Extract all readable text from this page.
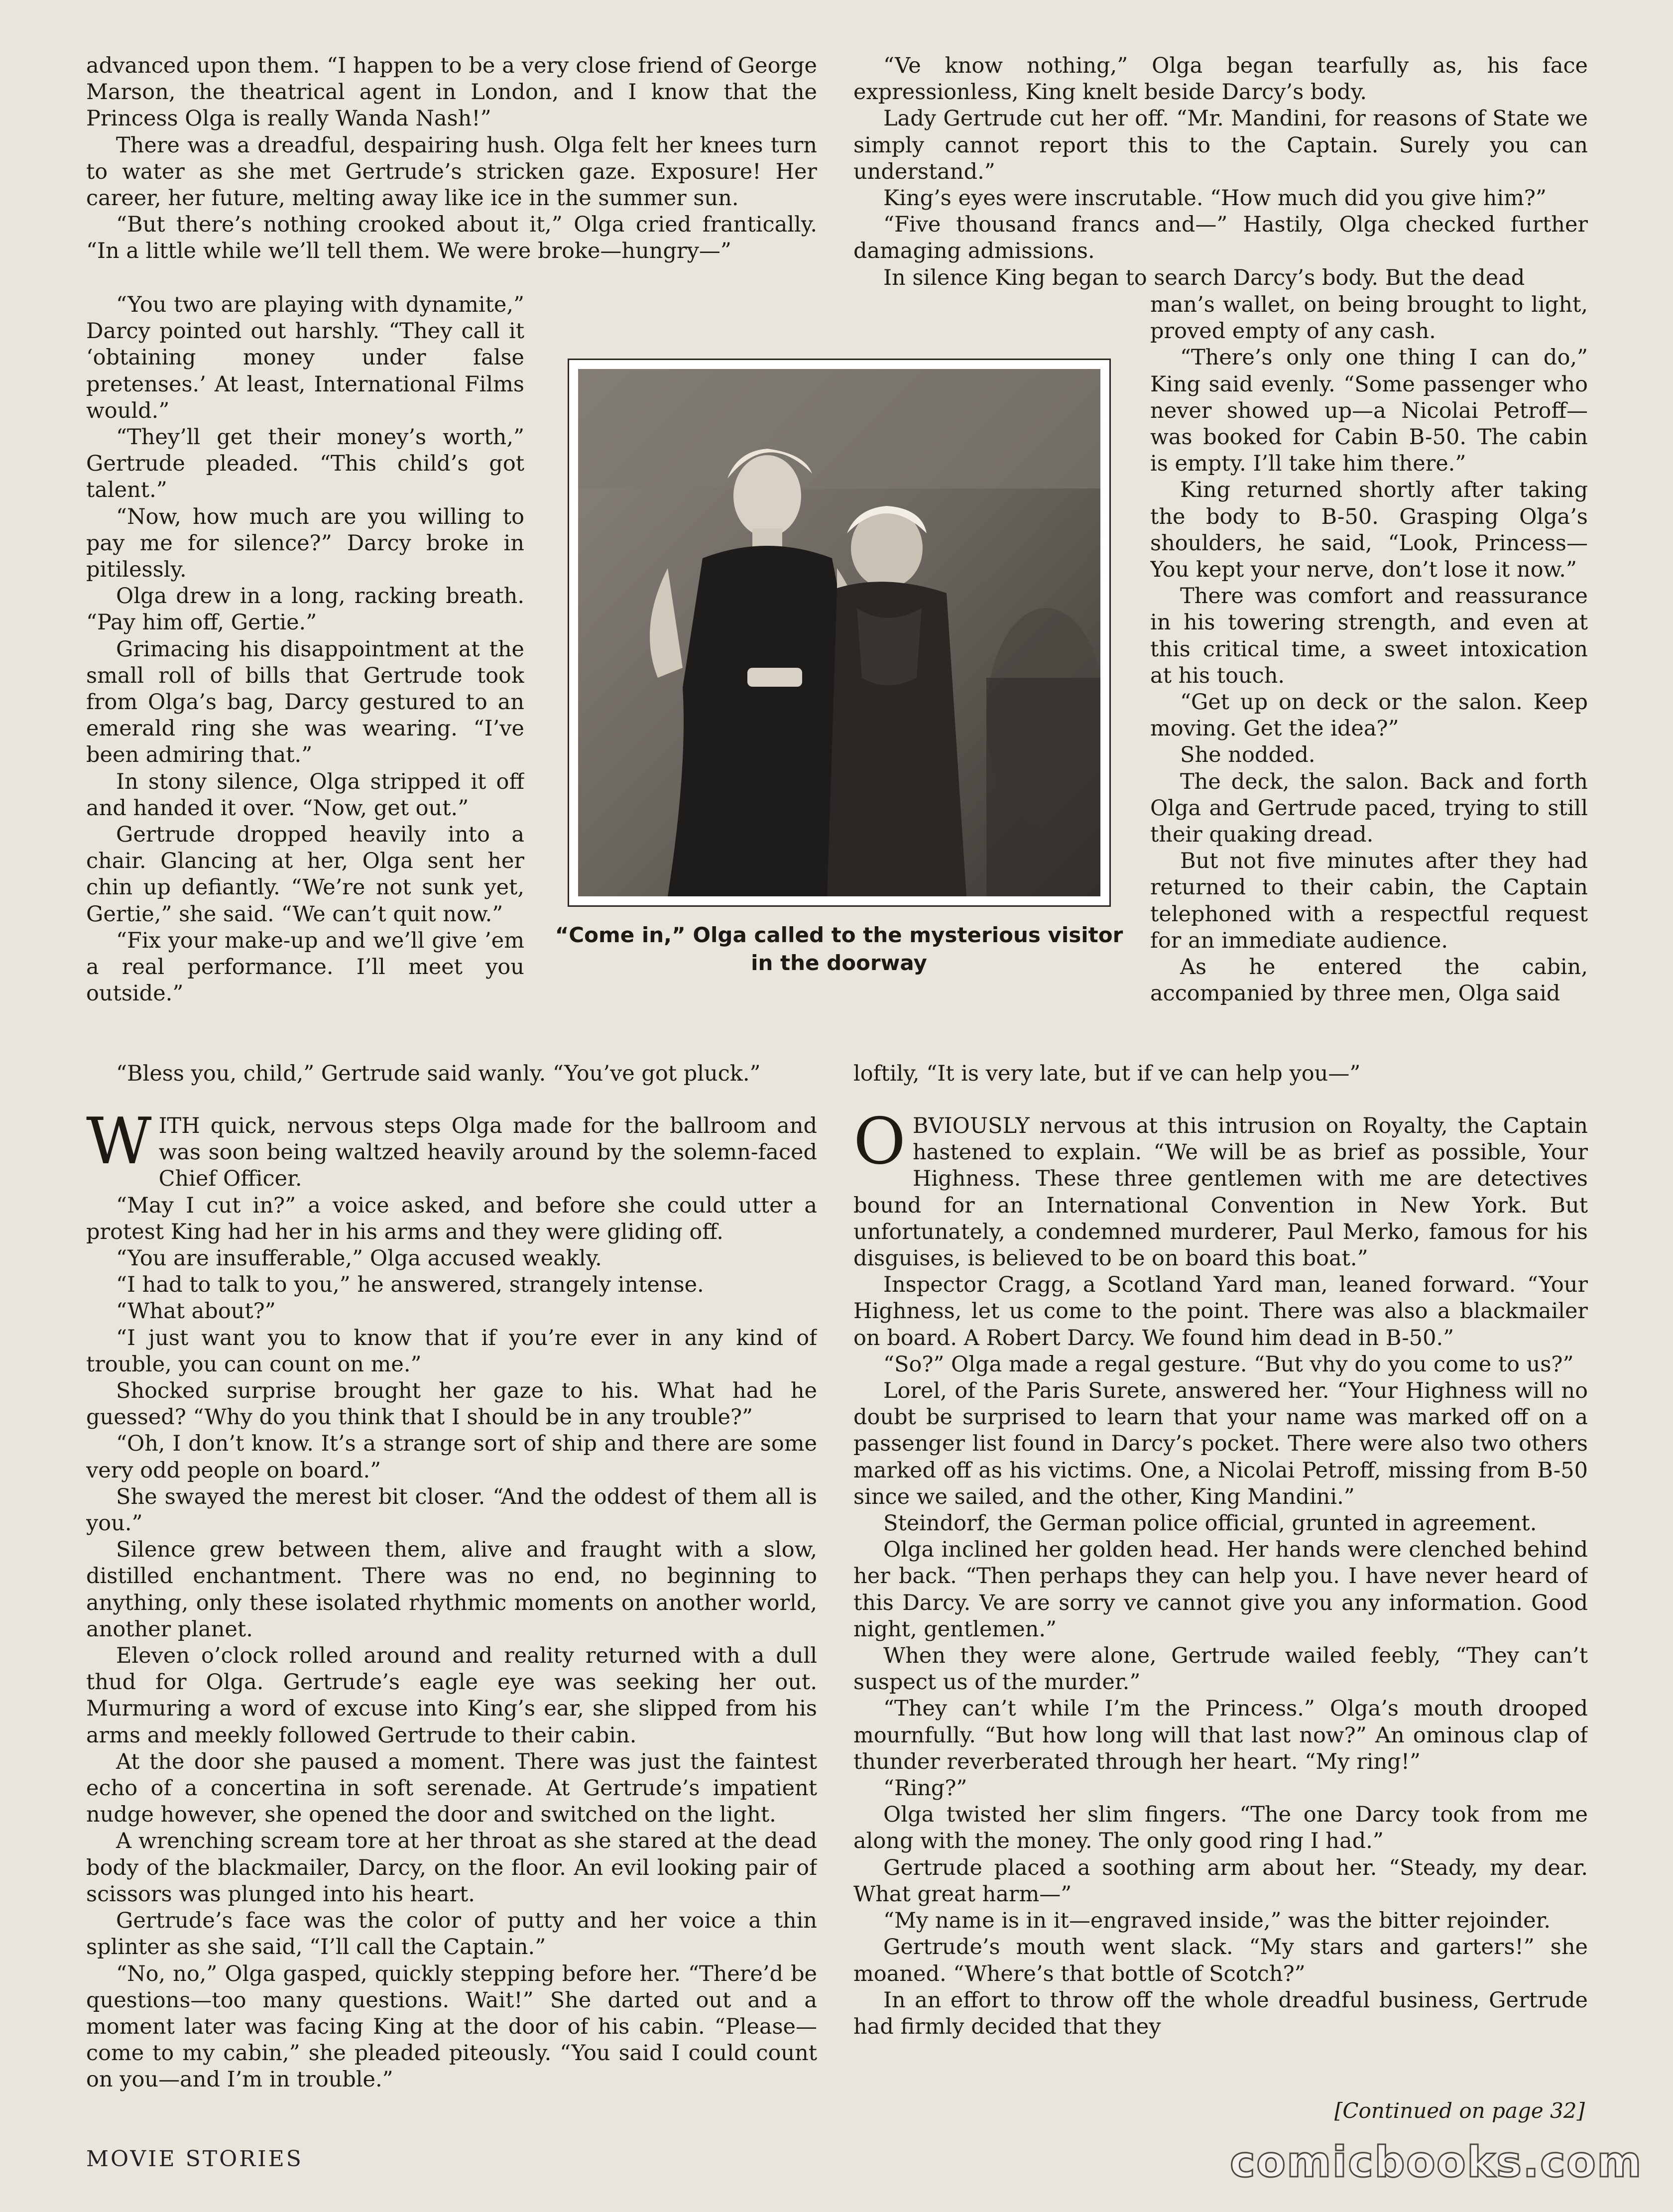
advanced upon them. “I happen to be a very close friend of George Marson, the theatrical agent in London, and I know that the Princess Olga is really Wanda Nash!”

There was a dreadful, despairing hush. Olga felt her knees turn to water as she met Gertrude’s stricken gaze. Exposure! Her career, her future, melting away like ice in the summer sun.

“But there’s nothing crooked about it,” Olga cried frantically. “In a little while we’ll tell them. We were broke—hungry—”

“You two are playing with dynamite,” Darcy pointed out harshly. “They call it ‘obtaining money under false pretenses.’ At least, International Films would.”

“They’ll get their money’s worth,” Gertrude pleaded. “This child’s got talent.”

“Now, how much are you willing to pay me for silence?” Darcy broke in pitilessly.

Olga drew in a long, racking breath. “Pay him off, Gertie.”

Grimacing his disappointment at the small roll of bills that Gertrude took from Olga’s bag, Darcy gestured to an emerald ring she was wearing. “I’ve been admiring that.”

In stony silence, Olga stripped it off and handed it over. “Now, get out.”

Gertrude dropped heavily into a chair. Glancing at her, Olga sent her chin up defiantly. “We’re not sunk yet, Gertie,” she said. “We can’t quit now.”

“Fix your make-up and we’ll give ’em a real performance. I’ll meet you outside.”

“Ve know nothing,” Olga began tearfully as, his face expressionless, King knelt beside Darcy’s body.

Lady Gertrude cut her off. “Mr. Mandini, for reasons of State we simply cannot report this to the Captain. Surely you can understand.”

King’s eyes were inscrutable. “How much did you give him?”

“Five thousand francs and—” Hastily, Olga checked further damaging admissions.

In silence King began to search Darcy’s body. But the dead

man’s wallet, on being brought to light, proved empty of any cash.

“There’s only one thing I can do,” King said evenly. “Some passenger who never showed up—a Nicolai Petroff—was booked for Cabin B-50. The cabin is empty. I’ll take him there.”

King returned shortly after taking the body to B-50. Grasping Olga’s shoulders, he said, “Look, Princess—You kept your nerve, don’t lose it now.”

There was comfort and reassurance in his towering strength, and even at this critical time, a sweet intoxication at his touch.

“Get up on deck or the salon. Keep moving. Get the idea?”

She nodded.

The deck, the salon. Back and forth Olga and Gertrude paced, trying to still their quaking dread.

But not five minutes after they had returned to their cabin, the Captain telephoned with a respectful request for an immediate audience.

As he entered the cabin, accompanied by three men, Olga said

“Bless you, child,” Gertrude said wanly. “You’ve got pluck.”	loftily, “It is very late, but if ve can help you—”

“Come in,” Olga called to the mysterious visitor in the doorway

WITH quick, nervous steps Olga made for the ballroom and was soon being waltzed heavily around by the solemn-faced Chief Officer.

“May I cut in?” a voice asked, and before she could utter a protest King had her in his arms and they were gliding off.

“You are insufferable,” Olga accused weakly.

“I had to talk to you,” he answered, strangely intense.

“What about?”

“I just want you to know that if you’re ever in any kind of trouble, you can count on me.”

Shocked surprise brought her gaze to his. What had he guessed? “Why do you think that I should be in any trouble?”

“Oh, I don’t know. It’s a strange sort of ship and there are some very odd people on board.”

She swayed the merest bit closer. “And the oddest of them all is you.”

Silence grew between them, alive and fraught with a slow, distilled enchantment. There was no end, no beginning to anything, only these isolated rhythmic moments on another world, another planet.

Eleven o’clock rolled around and reality returned with a dull thud for Olga. Gertrude’s eagle eye was seeking her out. Murmuring a word of excuse into King’s ear, she slipped from his arms and meekly followed Gertrude to their cabin.

At the door she paused a moment. There was just the faintest echo of a concertina in soft serenade. At Gertrude’s impatient nudge however, she opened the door and switched on the light.

A wrenching scream tore at her throat as she stared at the dead body of the blackmailer, Darcy, on the floor. An evil looking pair of scissors was plunged into his heart.

Gertrude’s face was the color of putty and her voice a thin splinter as she said, “I’ll call the Captain.”

“No, no,” Olga gasped, quickly stepping before her. “There’d be questions—too many questions. Wait!” She darted out and a moment later was facing King at the door of his cabin. “Please—come to my cabin,” she pleaded piteously. “You said I could count on you—and I’m in trouble.”

OBVIOUSLY nervous at this intrusion on Royalty, the Captain hastened to explain. “We will be as brief as possible, Your Highness. These three gentlemen with me are detectives bound for an International Convention in New York. But unfortunately, a condemned murderer, Paul Merko, famous for his disguises, is believed to be on board this boat.”

Inspector Cragg, a Scotland Yard man, leaned forward. “Your Highness, let us come to the point. There was also a blackmailer on board. A Robert Darcy. We found him dead in B-50.”

“So?” Olga made a regal gesture. “But vhy do you come to us?”

Lorel, of the Paris Surete, answered her. “Your Highness will no doubt be surprised to learn that your name was marked off on a passenger list found in Darcy’s pocket. There were also two others marked off as his victims. One, a Nicolai Petroff, missing from B-50 since we sailed, and the other, King Mandini.”

Steindorf, the German police official, grunted in agreement.

Olga inclined her golden head. Her hands were clenched behind her back. “Then perhaps they can help you. I have never heard of this Darcy. Ve are sorry ve cannot give you any information. Good night, gentlemen.”

When they were alone, Gertrude wailed feebly, “They can’t suspect us of the murder.”

“They can’t while I’m the Princess.” Olga’s mouth drooped mournfully. “But how long will that last now?” An ominous clap of thunder reverberated through her heart. “My ring!”

“Ring?”

Olga twisted her slim fingers. “The one Darcy took from me along with the money. The only good ring I had.”

Gertrude placed a soothing arm about her. “Steady, my dear. What great harm—”

“My name is in it—engraved inside,” was the bitter rejoinder.

Gertrude’s mouth went slack. “My stars and garters!” she moaned. “Where’s that bottle of Scotch?”

In an effort to throw off the whole dreadful business, Gertrude had firmly decided that they

[Continued on page 32]
MOVIE STORIES	comicbooks.com
